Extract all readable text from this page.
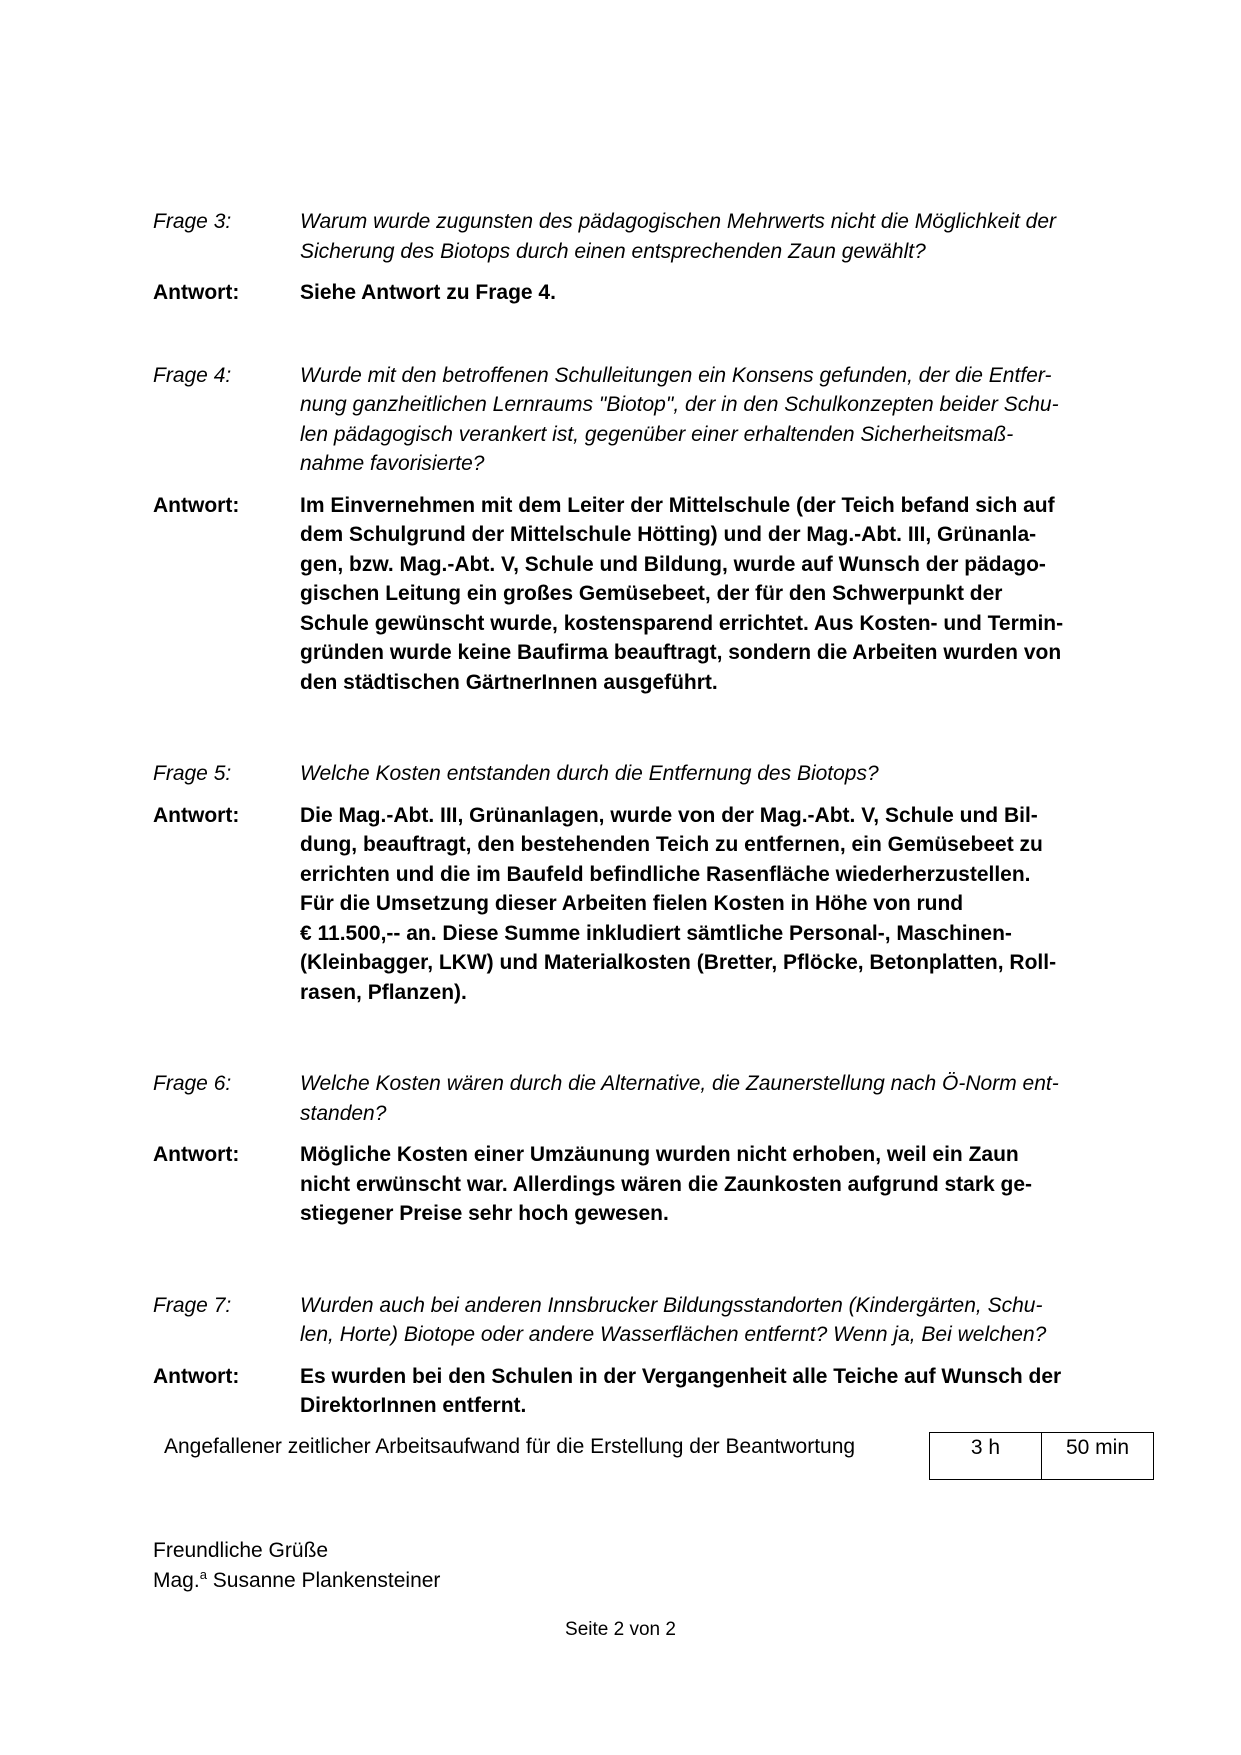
Frage 3:	Warum wurde zugunsten des pädagogischen Mehrwerts nicht die Möglichkeit der
Sicherung des Biotops durch einen entsprechenden Zaun gewählt?
Antwort:	Siehe Antwort zu Frage 4.
Frage 4:	Wurde mit den betroffenen Schulleitungen ein Konsens gefunden, der die Entfer-
nung ganzheitlichen Lernraums "Biotop", der in den Schulkonzepten beider Schu-
len pädagogisch verankert ist, gegenüber einer erhaltenden Sicherheitsmaß-
nahme favorisierte?
Antwort:	Im Einvernehmen mit dem Leiter der Mittelschule (der Teich befand sich auf
dem Schulgrund der Mittelschule Hötting) und der Mag.-Abt. III, Grünanla-
gen, bzw. Mag.-Abt. V, Schule und Bildung, wurde auf Wunsch der pädago-
gischen Leitung ein großes Gemüsebeet, der für den Schwerpunkt der
Schule gewünscht wurde, kostensparend errichtet. Aus Kosten- und Termin-
gründen wurde keine Baufirma beauftragt, sondern die Arbeiten wurden von
den städtischen GärtnerInnen ausgeführt.
Frage 5:	Welche Kosten entstanden durch die Entfernung des Biotops?
Antwort:	Die Mag.-Abt. III, Grünanlagen, wurde von der Mag.-Abt. V, Schule und Bil-
dung, beauftragt, den bestehenden Teich zu entfernen, ein Gemüsebeet zu
errichten und die im Baufeld befindliche Rasenfläche wiederherzustellen.
Für die Umsetzung dieser Arbeiten fielen Kosten in Höhe von rund
€ 11.500,-- an. Diese Summe inkludiert sämtliche Personal-, Maschinen-
(Kleinbagger, LKW) und Materialkosten (Bretter, Pflöcke, Betonplatten, Roll-
rasen, Pflanzen).
Frage 6:	Welche Kosten wären durch die Alternative, die Zaunerstellung nach Ö-Norm ent-
standen?
Antwort:	Mögliche Kosten einer Umzäunung wurden nicht erhoben, weil ein Zaun
nicht erwünscht war. Allerdings wären die Zaunkosten aufgrund stark ge-
stiegener Preise sehr hoch gewesen.
Frage 7:	Wurden auch bei anderen Innsbrucker Bildungsstandorten (Kindergärten, Schu-
len, Horte) Biotope oder andere Wasserflächen entfernt? Wenn ja, Bei welchen?
Antwort:	Es wurden bei den Schulen in der Vergangenheit alle Teiche auf Wunsch der
DirektorInnen entfernt.
Angefallener zeitlicher Arbeitsaufwand für die Erstellung der Beantwortung	3 h	50 min
Freundliche Grüße
Mag.$^a$ Susanne Plankensteiner
Seite 2 von 2
